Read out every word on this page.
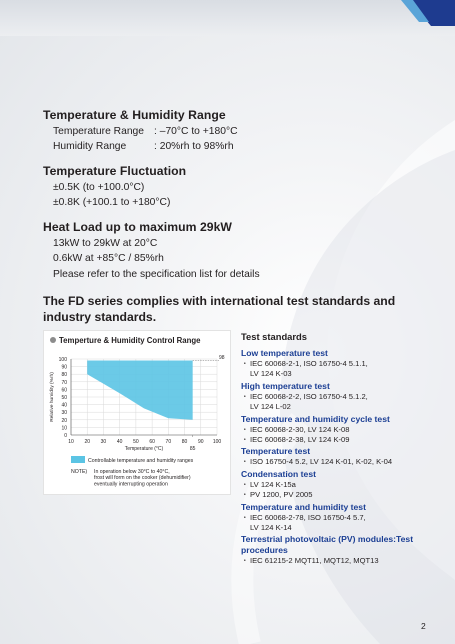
Temperature & Humidity Range
Temperature Range : –70°C to +180°C
Humidity Range	: 20%rh to 98%rh
Temperature Fluctuation
±0.5K (to +100.0°C)
±0.8K (+100.1 to +180°C)
Heat Load up to maximum 29kW
13kW to 29kW at 20°C
0.6kW at +85°C / 85%rh
Please refer to the specification list for details
The FD series complies with international test standards and industry standards.
Temperture & Humidity Control Range
0
10
20
30
40
50
60
70
80
90
100
10 20 30 40 50 60 70 80 90 100
98
85
Temperature (°C)
Relative humidity (%rh)
Controllable temperature and humidity ranges
NOTE) In operation below 30°C to 40°C,
frost will form on the cooker (dehumidifier)
eventually interrupting operation
Test standards
Low temperature test
・ IEC 60068-2-1, ISO 16750-4 5.1.1,
LV 124 K-03
High temperature test
・ IEC 60068-2-2, ISO 16750-4 5.1.2,
LV 124 L-02
Temperature and humidity cycle test
・ IEC 60068-2-30, LV 124 K-08
・ IEC 60068-2-38, LV 124 K-09
Temperature test
・ ISO 16750-4 5.2, LV 124 K-01, K-02, K-04
Condensation test
・ LV 124 K-15a
・ PV 1200, PV 2005
Temperature and humidity test
・ IEC 60068-2-78, ISO 16750-4 5.7,
LV 124 K-14
Terrestrial photovoltaic (PV) modules:Test procedures
・ IEC 61215-2 MQT11, MQT12, MQT13
2
